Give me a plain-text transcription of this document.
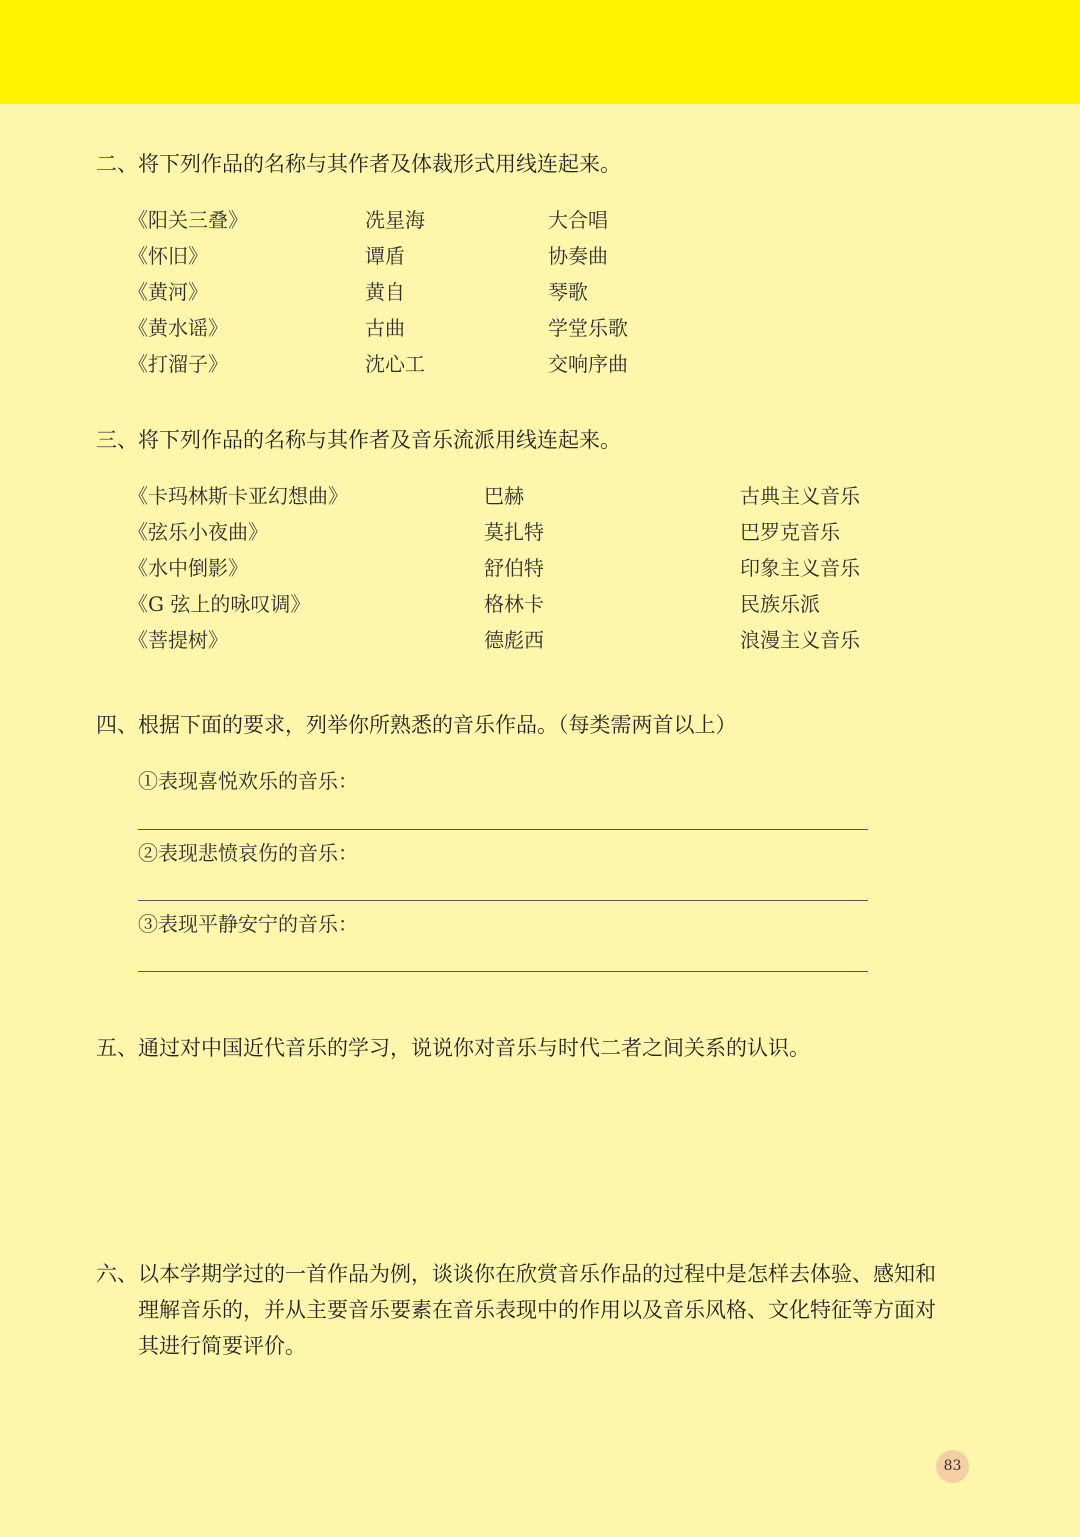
二、将下列作品的名称与其作者及体裁形式用线连起来。
《阳关三叠》	冼星海	大合唱
《怀旧》	谭盾	协奏曲
《黄河》	黄自	琴歌
《黄水谣》	古曲	学堂乐歌
《打溜子》	沈心工	交响序曲
三、将下列作品的名称与其作者及音乐流派用线连起来。
《卡玛林斯卡亚幻想曲》	巴赫	古典主义音乐
《弦乐小夜曲》	莫扎特	巴罗克音乐
《水中倒影》	舒伯特	印象主义音乐
《G 弦上的咏叹调》	格林卡	民族乐派
《菩提树》	德彪西	浪漫主义音乐
四、根据下面的要求，列举你所熟悉的音乐作品。（每类需两首以上）
①表现喜悦欢乐的音乐：
②表现悲愤哀伤的音乐：
③表现平静安宁的音乐：
五、通过对中国近代音乐的学习，说说你对音乐与时代二者之间关系的认识。
六、以本学期学过的一首作品为例，谈谈你在欣赏音乐作品的过程中是怎样去体验、感知和
理解音乐的，并从主要音乐要素在音乐表现中的作用以及音乐风格、文化特征等方面对
其进行简要评价。
83
